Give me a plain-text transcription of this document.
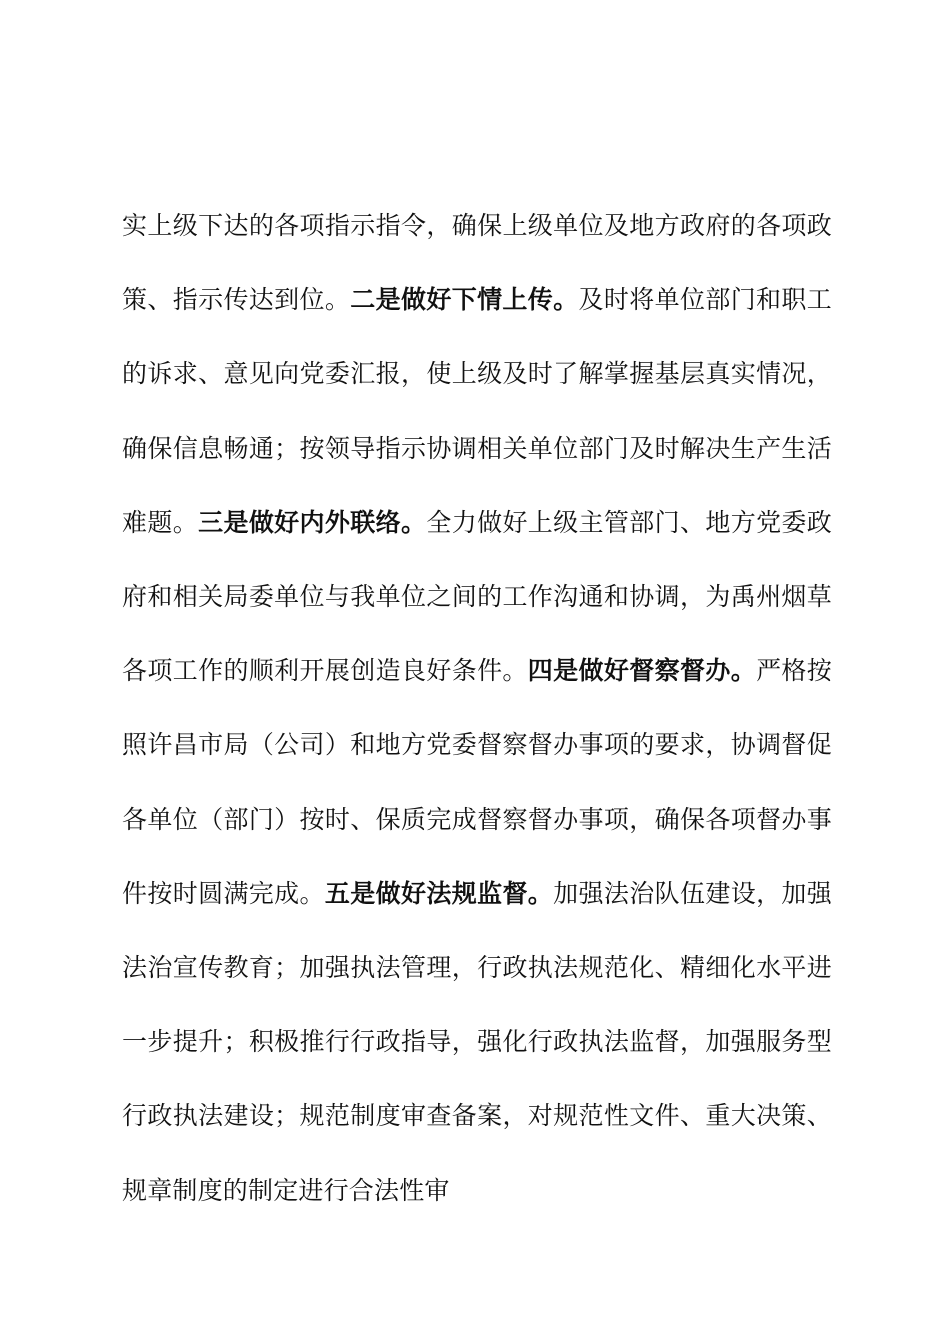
实上级下达的各项指示指令，确保上级单位及地方政府的各项政策、指示传达到位。二是做好下情上传。及时将单位部门和职工的诉求、意见向党委汇报，使上级及时了解掌握基层真实情况，确保信息畅通；按领导指示协调相关单位部门及时解决生产生活难题。三是做好内外联络。全力做好上级主管部门、地方党委政府和相关局委单位与我单位之间的工作沟通和协调，为禹州烟草各项工作的顺利开展创造良好条件。四是做好督察督办。严格按照许昌市局（公司）和地方党委督察督办事项的要求，协调督促各单位（部门）按时、保质完成督察督办事项，确保各项督办事件按时圆满完成。五是做好法规监督。加强法治队伍建设，加强法治宣传教育；加强执法管理，行政执法规范化、精细化水平进一步提升；积极推行行政指导，强化行政执法监督，加强服务型行政执法建设；规范制度审查备案，对规范性文件、重大决策、规章制度的制定进行合法性审
